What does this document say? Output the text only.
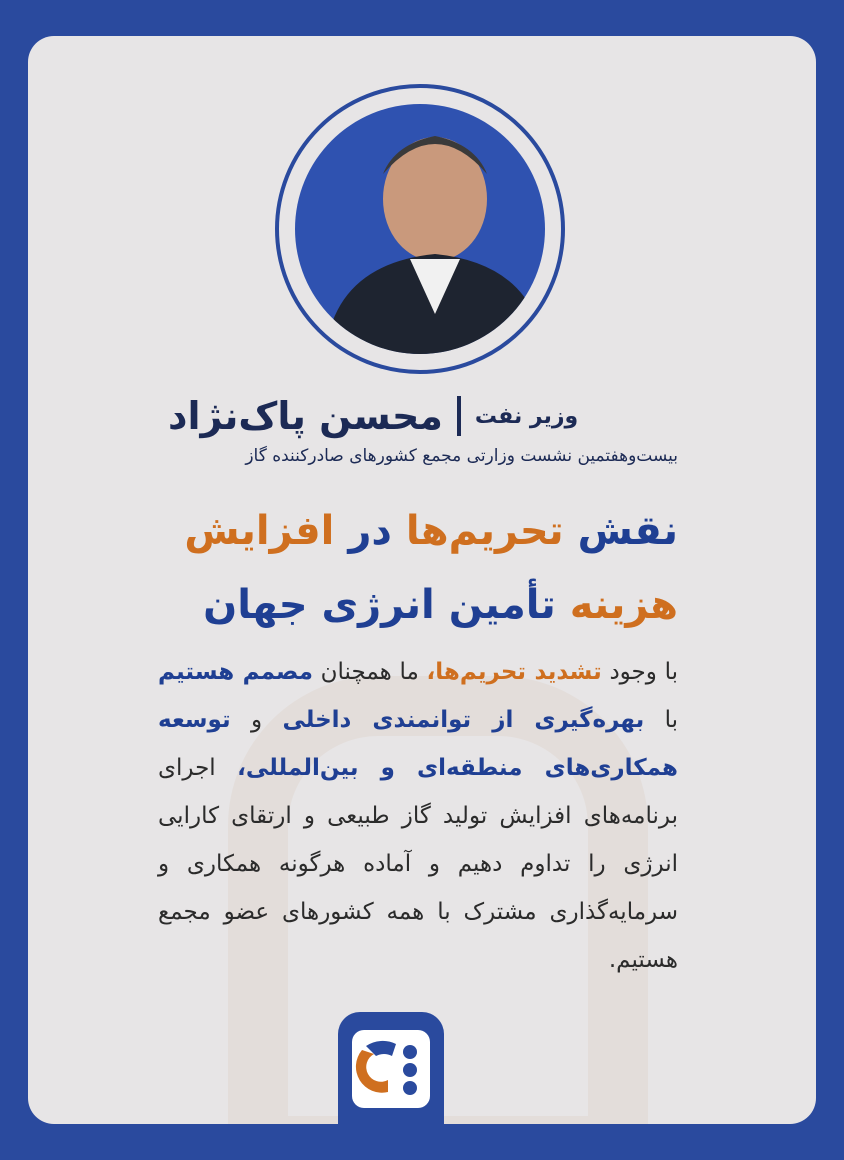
محسن پاک‌نژاد وزیر نفت
بیست‌وهفتمین نشست وزارتی مجمع کشورهای صادرکننده گاز
نقش تحریم‌ها در افزایش
هزینه تأمین انرژی جهان
با وجود تشدید تحریم‌ها، ما همچنان مصمم هستیم با بهره‌گیری از توانمندی داخلی و توسعه همکاری‌های منطقه‌ای و بین‌المللی، اجرای برنامه‌های افزایش تولید گاز طبیعی و ارتقای کارایی انرژی را تداوم دهیم و آماده هرگونه همکاری و سرمایه‌گذاری مشترک با همه کشورهای عضو مجمع هستیم.
